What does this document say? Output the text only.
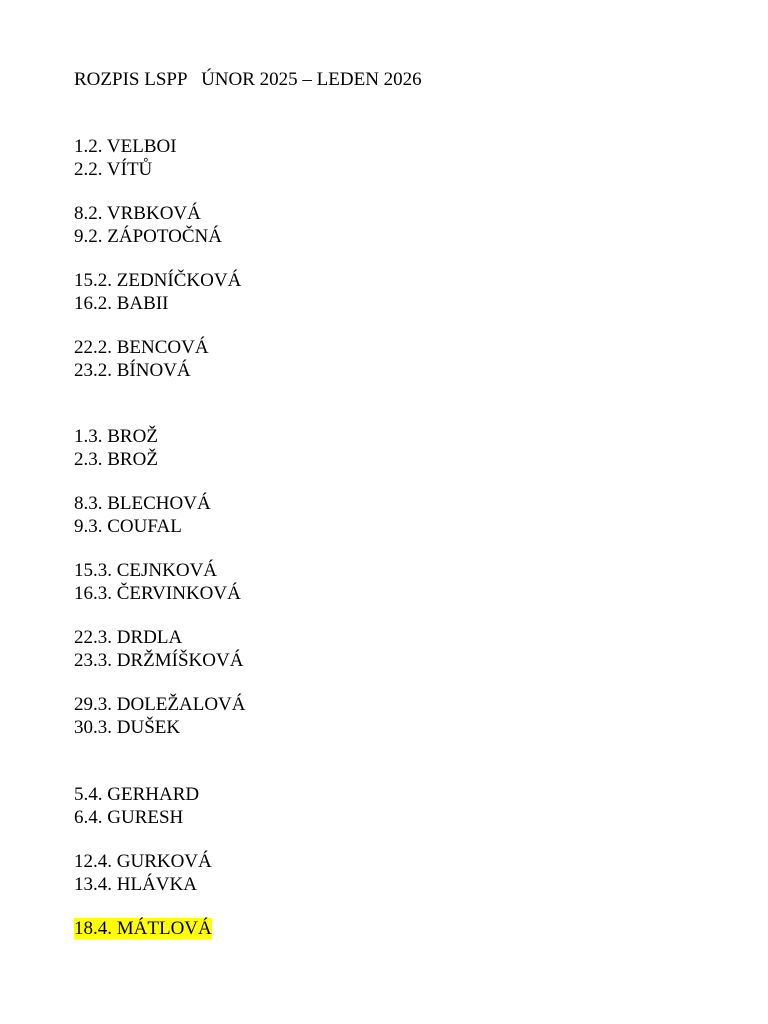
ROZPIS LSPP   ÚNOR 2025 – LEDEN 2026
1.2. VELBOI
2.2. VÍTŮ
8.2. VRBKOVÁ
9.2. ZÁPOTOČNÁ
15.2. ZEDNÍČKOVÁ
16.2. BABII
22.2. BENCOVÁ
23.2. BÍNOVÁ
1.3. BROŽ
2.3. BROŽ
8.3. BLECHOVÁ
9.3. COUFAL
15.3. CEJNKOVÁ
16.3. ČERVINKOVÁ
22.3. DRDLA
23.3. DRŽMÍŠKOVÁ
29.3. DOLEŽALOVÁ
30.3. DUŠEK
5.4. GERHARD
6.4. GURESH
12.4. GURKOVÁ
13.4. HLÁVKA
18.4. MÁTLOVÁ
